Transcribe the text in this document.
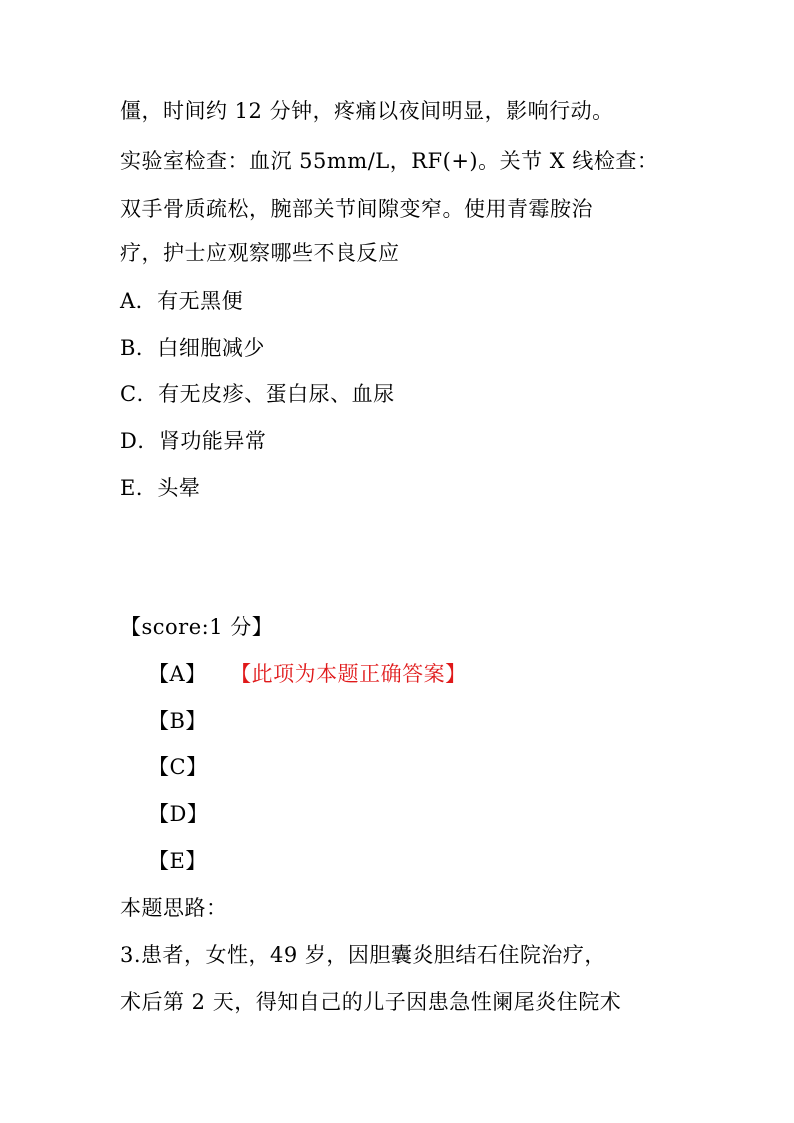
僵，时间约 12 分钟，疼痛以夜间明显，影响行动。
实验室检查：血沉 55mm/L，RF(+)。关节 X 线检查：
双手骨质疏松，腕部关节间隙变窄。使用青霉胺治
疗，护士应观察哪些不良反应
A．有无黑便
B．白细胞减少
C．有无皮疹、蛋白尿、血尿
D．肾功能异常
E．头晕
【score:1 分】
【A】 【此项为本题正确答案】
【B】
【C】
【D】
【E】
本题思路：
3.患者，女性，49 岁，因胆囊炎胆结石住院治疗，
术后第 2 天，得知自己的儿子因患急性阑尾炎住院术
